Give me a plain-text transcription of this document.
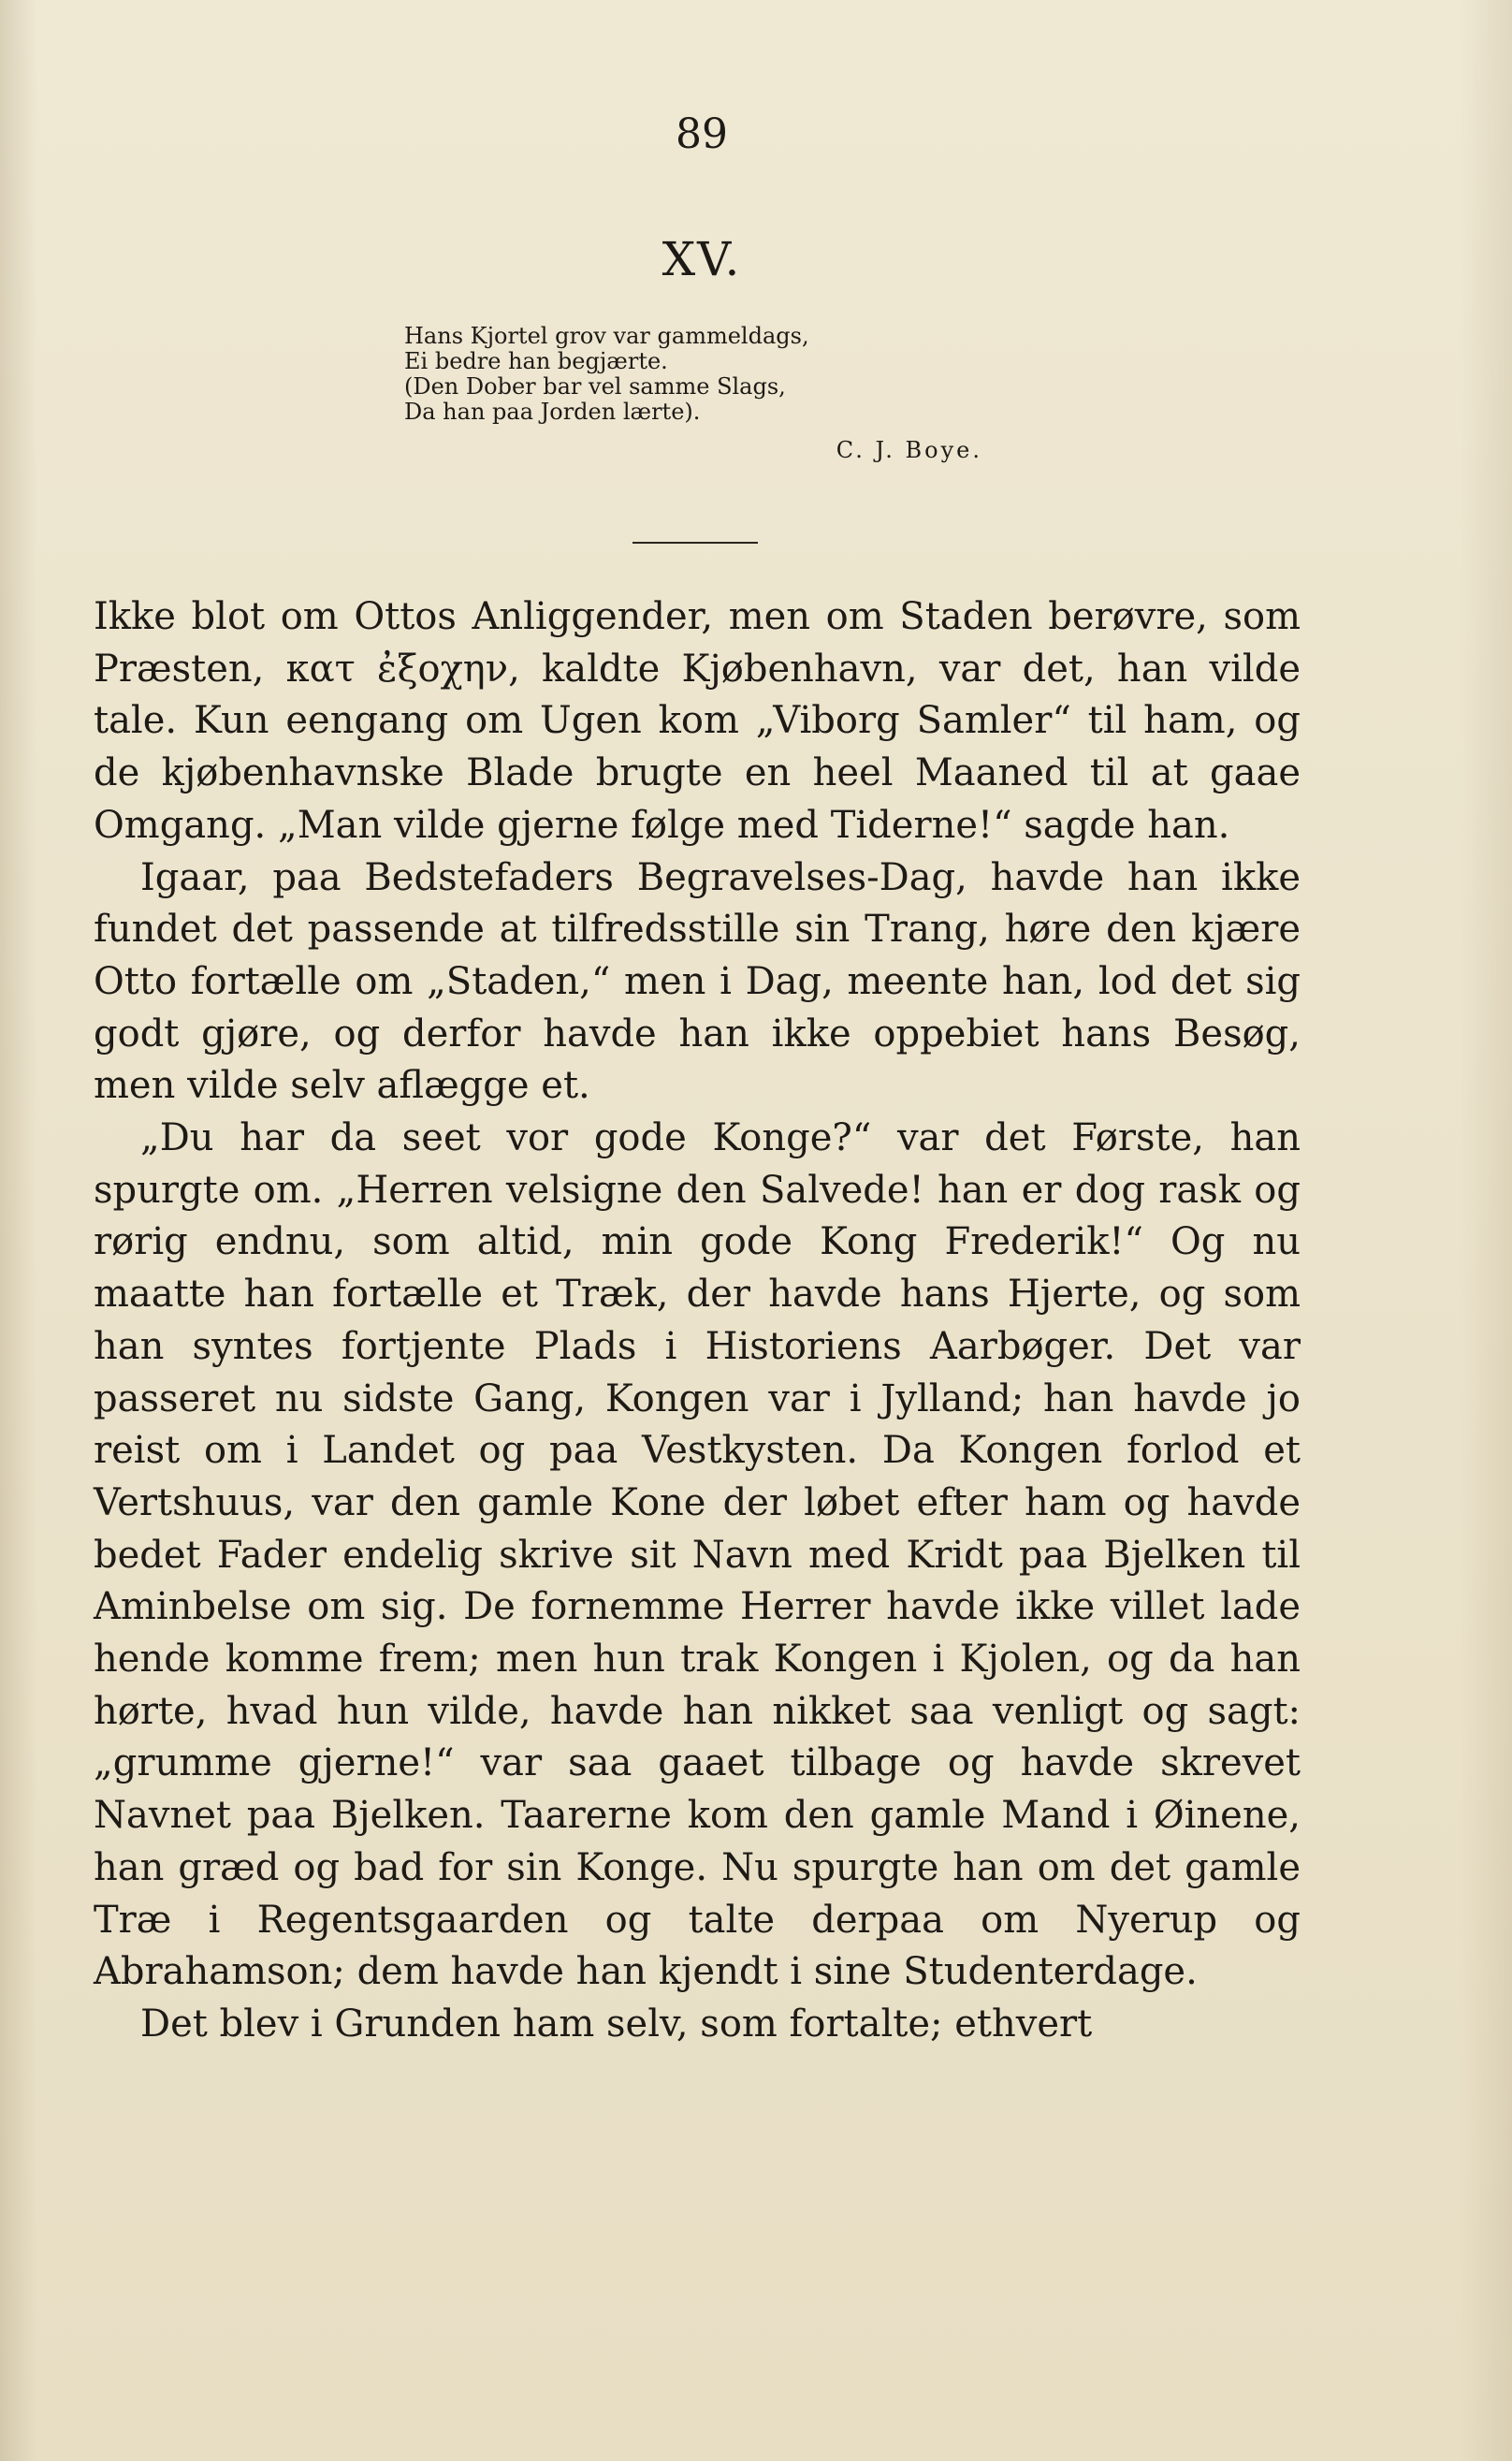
89
XV.
Hans Kjortel grov var gammeldags,
Ei bedre han begjærte.
(Den Dober bar vel samme Slags,
Da han paa Jorden lærte).
C. J. Boye.

Ikke blot om Ottos Anliggender, men om Staden berøvre, som Præsten, κατ ἐξοχην, kaldte Kjøbenhavn, var det, han vilde tale. Kun eengang om Ugen kom „Viborg Samler“ til ham, og de kjøbenhavnske Blade brugte en heel Maaned til at gaae Omgang. „Man vilde gjerne følge med Tiderne!“ sagde han.

Igaar, paa Bedstefaders Begravelses-Dag, havde han ikke fundet det passende at tilfredsstille sin Trang, høre den kjære Otto fortælle om „Staden,“ men i Dag, meente han, lod det sig godt gjøre, og derfor havde han ikke oppebiet hans Besøg, men vilde selv aflægge et.

„Du har da seet vor gode Konge?“ var det Første, han spurgte om. „Herren velsigne den Salvede! han er dog rask og rørig endnu, som altid, min gode Kong Frederik!“ Og nu maatte han fortælle et Træk, der havde hans Hjerte, og som han syntes fortjente Plads i Historiens Aarbøger. Det var passeret nu sidste Gang, Kongen var i Jylland; han havde jo reist om i Landet og paa Vestkysten. Da Kongen forlod et Vertshuus, var den gamle Kone der løbet efter ham og havde bedet Fader endelig skrive sit Navn med Kridt paa Bjelken til Aminbelse om sig. De fornemme Herrer havde ikke villet lade hende komme frem; men hun trak Kongen i Kjolen, og da han hørte, hvad hun vilde, havde han nikket saa venligt og sagt: „grumme gjerne!“ var saa gaaet tilbage og havde skrevet Navnet paa Bjelken. Taarerne kom den gamle Mand i Øinene, han græd og bad for sin Konge. Nu spurgte han om det gamle Træ i Regentsgaarden og talte derpaa om Nyerup og Abrahamson; dem havde han kjendt i sine Studenterdage.

Det blev i Grunden ham selv, som fortalte; ethvert
